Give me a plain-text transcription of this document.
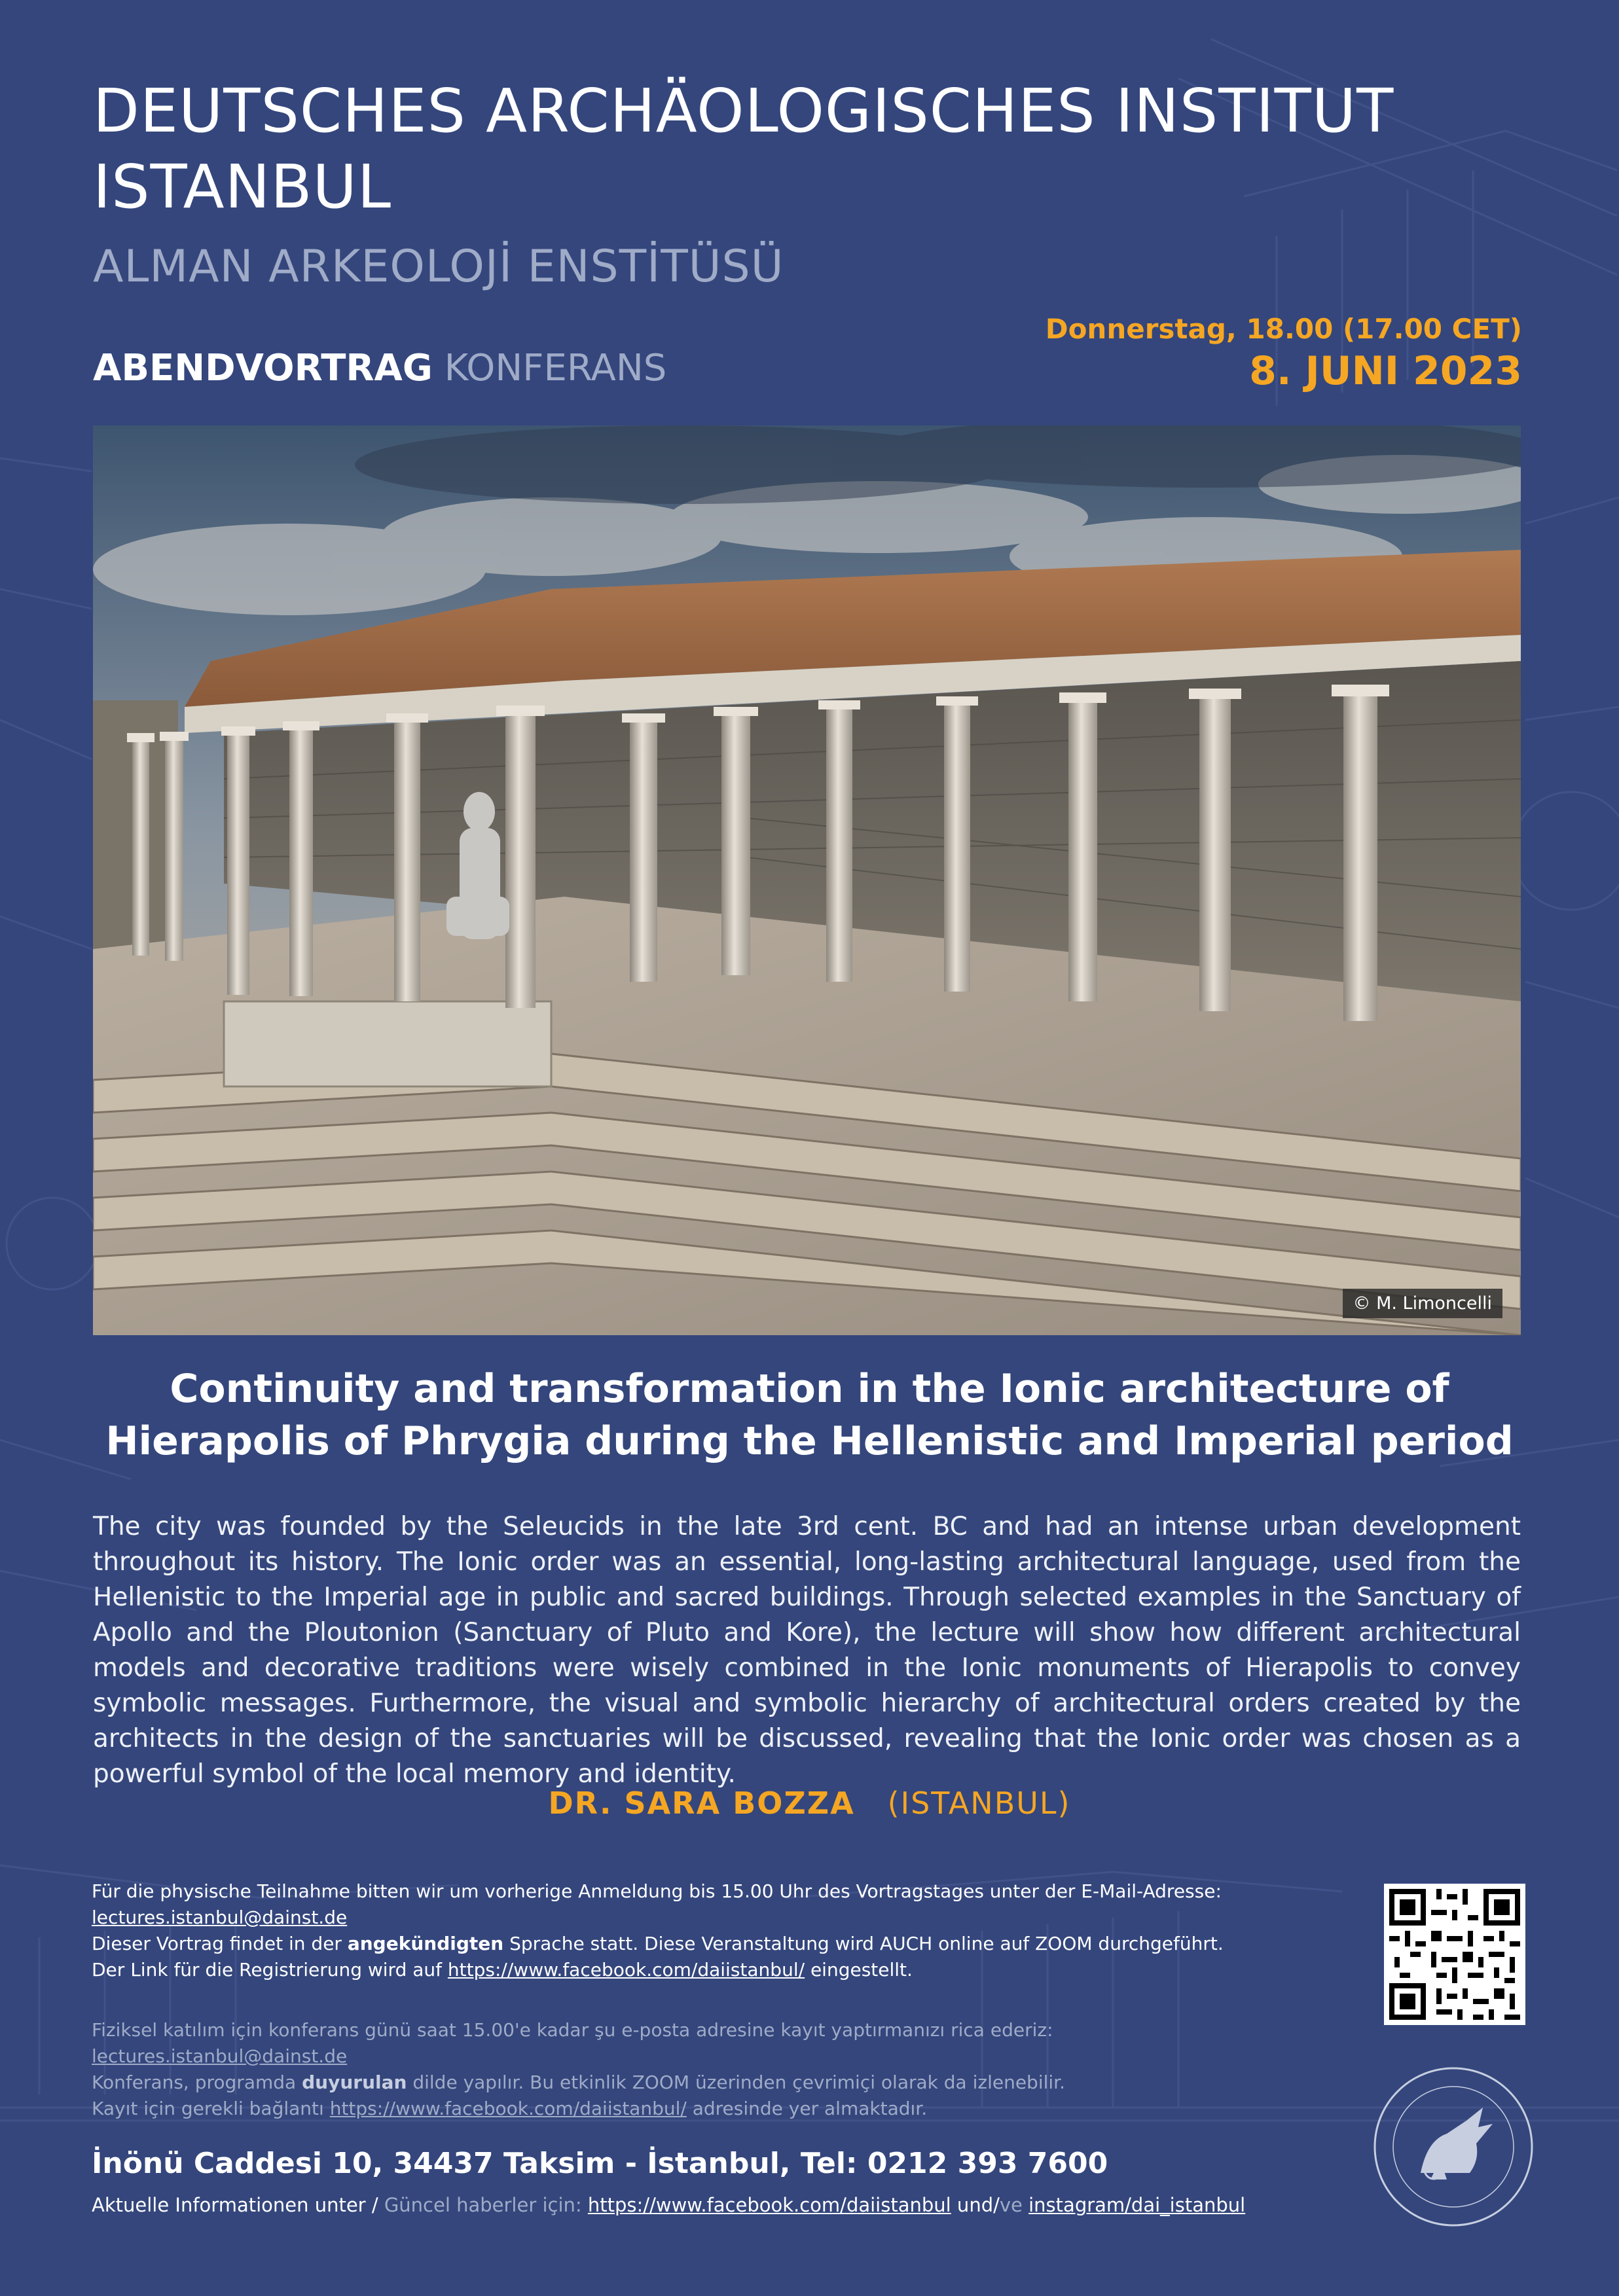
DEUTSCHES ARCHÄOLOGISCHES INSTITUT
ISTANBUL
ALMAN ARKEOLOJİ ENSTİTÜSÜ
ABENDVORTRAG KONFERANS
Donnerstag, 18.00 (17.00 CET)
8. JUNI 2023
© M. Limoncelli
Continuity and transformation in the Ionic architecture of
Hierapolis of Phrygia during the Hellenistic and Imperial period
The city was founded by the Seleucids in the late 3rd cent. BC and had an intense urban development throughout its history. The Ionic order was an essential, long-lasting architectural language, used from the Hellenistic to the Imperial age in public and sacred buildings. Through selected examples in the Sanctuary of Apollo and the Ploutonion (Sanctuary of Pluto and Kore), the lecture will show how different architectural models and decorative traditions were wisely combined in the Ionic monuments of Hierapolis to convey symbolic messages. Furthermore, the visual and symbolic hierarchy of architectural orders created by the architects in the design of the sanctuaries will be discussed, revealing that the Ionic order was chosen as a powerful symbol of the local memory and identity.
DR. SARA BOZZA (ISTANBUL)
Für die physische Teilnahme bitten wir um vorherige Anmeldung bis 15.00 Uhr des Vortragstages unter der E-Mail-Adresse:
lectures.istanbul@dainst.de
Dieser Vortrag findet in der angekündigten Sprache statt. Diese Veranstaltung wird AUCH online auf ZOOM durchgeführt.
Der Link für die Registrierung wird auf https://www.facebook.com/daiistanbul/ eingestellt.
Fiziksel katılım için konferans günü saat 15.00'e kadar şu e-posta adresine kayıt yaptırmanızı rica ederiz:
lectures.istanbul@dainst.de
Konferans, programda duyurulan dilde yapılır. Bu etkinlik ZOOM üzerinden çevrimiçi olarak da izlenebilir.
Kayıt için gerekli bağlantı https://www.facebook.com/daiistanbul/ adresinde yer almaktadır.
İnönü Caddesi 10, 34437 Taksim - İstanbul, Tel: 0212 393 7600
Aktuelle Informationen unter / Güncel haberler için: https://www.facebook.com/daiistanbul und/ve instagram/dai_istanbul
